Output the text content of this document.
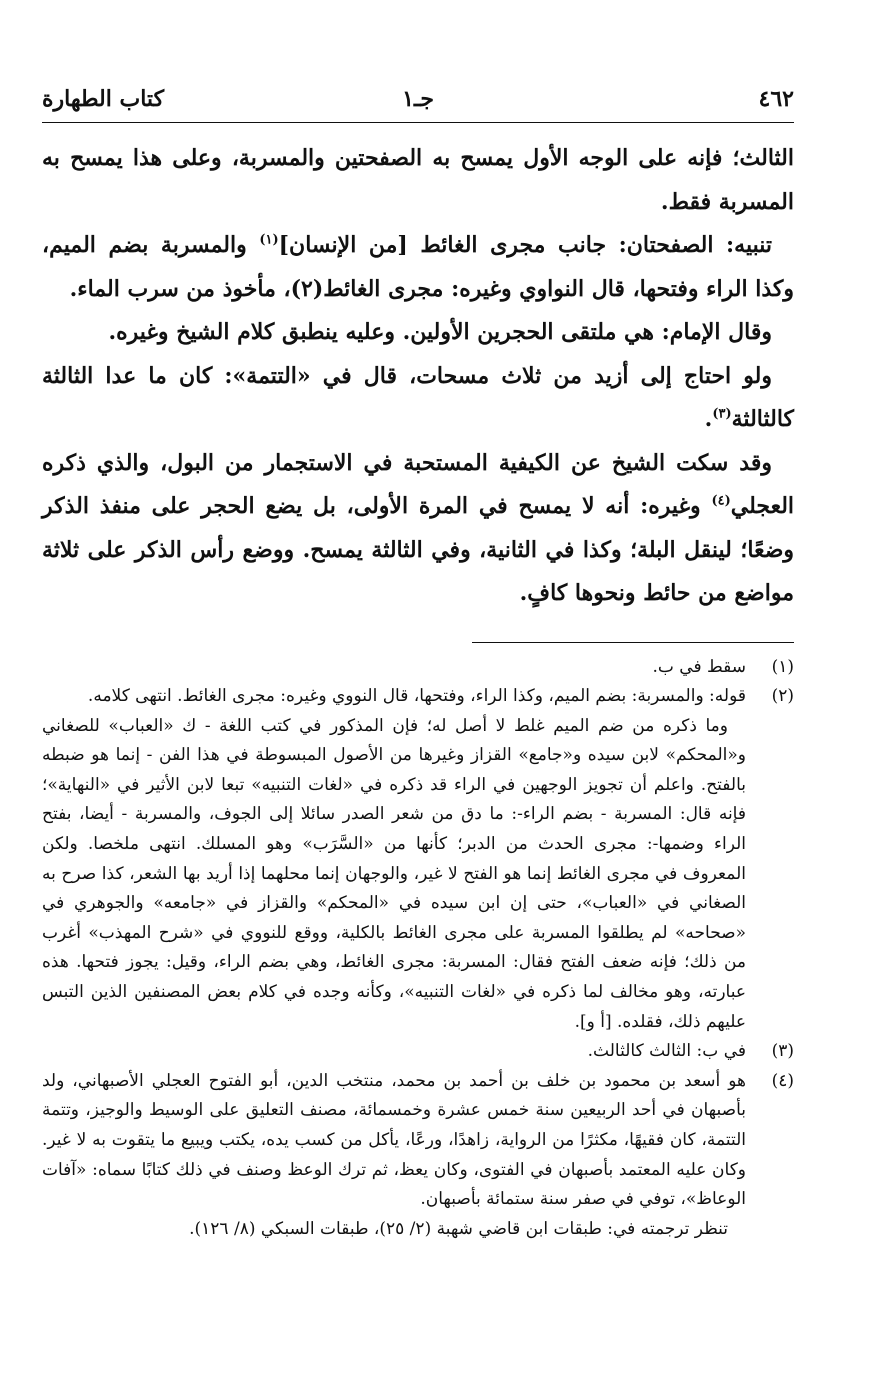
٤٦٢
جـ١
كتاب الطهارة

الثالث؛ فإنه على الوجه الأول يمسح به الصفحتين والمسربة، وعلى هذا يمسح به المسربة فقط.

تنبيه: الصفحتان: جانب مجرى الغائط [من الإنسان]$^{(١)}$ والمسربة بضم الميم، وكذا الراء وفتحها، قال النواوي وغيره: مجرى الغائط(٢)، مأخوذ من سرب الماء.

وقال الإمام: هي ملتقى الحجرين الأولين. وعليه ينطبق كلام الشيخ وغيره.

ولو احتاج إلى أزيد من ثلاث مسحات، قال في «التتمة»: كان ما عدا الثالثة كالثالثة$^{(٣)}$.

وقد سكت الشيخ عن الكيفية المستحبة في الاستجمار من البول، والذي ذكره العجلي$^{(٤)}$ وغيره: أنه لا يمسح في المرة الأولى، بل يضع الحجر على منفذ الذكر وضعًا؛ لينقل البلة؛ وكذا في الثانية، وفي الثالثة يمسح. ووضع رأس الذكر على ثلاثة مواضع من حائط ونحوها كافٍ.

(١)

سقط في ب.

(٢)

قوله: والمسربة: بضم الميم، وكذا الراء، وفتحها، قال النووي وغيره: مجرى الغائط. انتهى كلامه.

وما ذكره من ضم الميم غلط لا أصل له؛ فإن المذكور في كتب اللغة - ك «العباب» للصغاني و«المحكم» لابن سيده و«جامع» القزاز وغيرها من الأصول المبسوطة في هذا الفن - إنما هو ضبطه بالفتح. واعلم أن تجويز الوجهين في الراء قد ذكره في «لغات التنبيه» تبعا لابن الأثير في «النهاية»؛ فإنه قال: المسربة - بضم الراء-: ما دق من شعر الصدر سائلا إلى الجوف، والمسربة - أيضا، بفتح الراء وضمها-: مجرى الحدث من الدبر؛ كأنها من «السَّرَب» وهو المسلك. انتهى ملخصا. ولكن المعروف في مجرى الغائط إنما هو الفتح لا غير، والوجهان إنما محلهما إذا أريد بها الشعر، كذا صرح به الصغاني في «العباب»، حتى إن ابن سيده في «المحكم» والقزاز في «جامعه» والجوهري في «صحاحه» لم يطلقوا المسربة على مجرى الغائط بالكلية، ووقع للنووي في «شرح المهذب» أغرب من ذلك؛ فإنه ضعف الفتح فقال: المسربة: مجرى الغائط، وهي بضم الراء، وقيل: يجوز فتحها. هذه عبارته، وهو مخالف لما ذكره في «لغات التنبيه»، وكأنه وجده في كلام بعض المصنفين الذين التبس عليهم ذلك، فقلده. [أ و].

(٣)

في ب: الثالث كالثالث.

(٤)

هو أسعد بن محمود بن خلف بن أحمد بن محمد، منتخب الدين، أبو الفتوح العجلي الأصبهاني، ولد بأصبهان في أحد الربيعين سنة خمس عشرة وخمسمائة، مصنف التعليق على الوسيط والوجيز، وتتمة التتمة، كان فقيهًا، مكثرًا من الرواية، زاهدًا، ورعًا، يأكل من كسب يده، يكتب ويبيع ما يتقوت به لا غير. وكان عليه المعتمد بأصبهان في الفتوى، وكان يعظ، ثم ترك الوعظ وصنف في ذلك كتابًا سماه: «آفات الوعاظ»، توفي في صفر سنة ستمائة بأصبهان.

تنظر ترجمته في: طبقات ابن قاضي شهبة (٢/ ٢٥)، طبقات السبكي (٨/ ١٢٦).
